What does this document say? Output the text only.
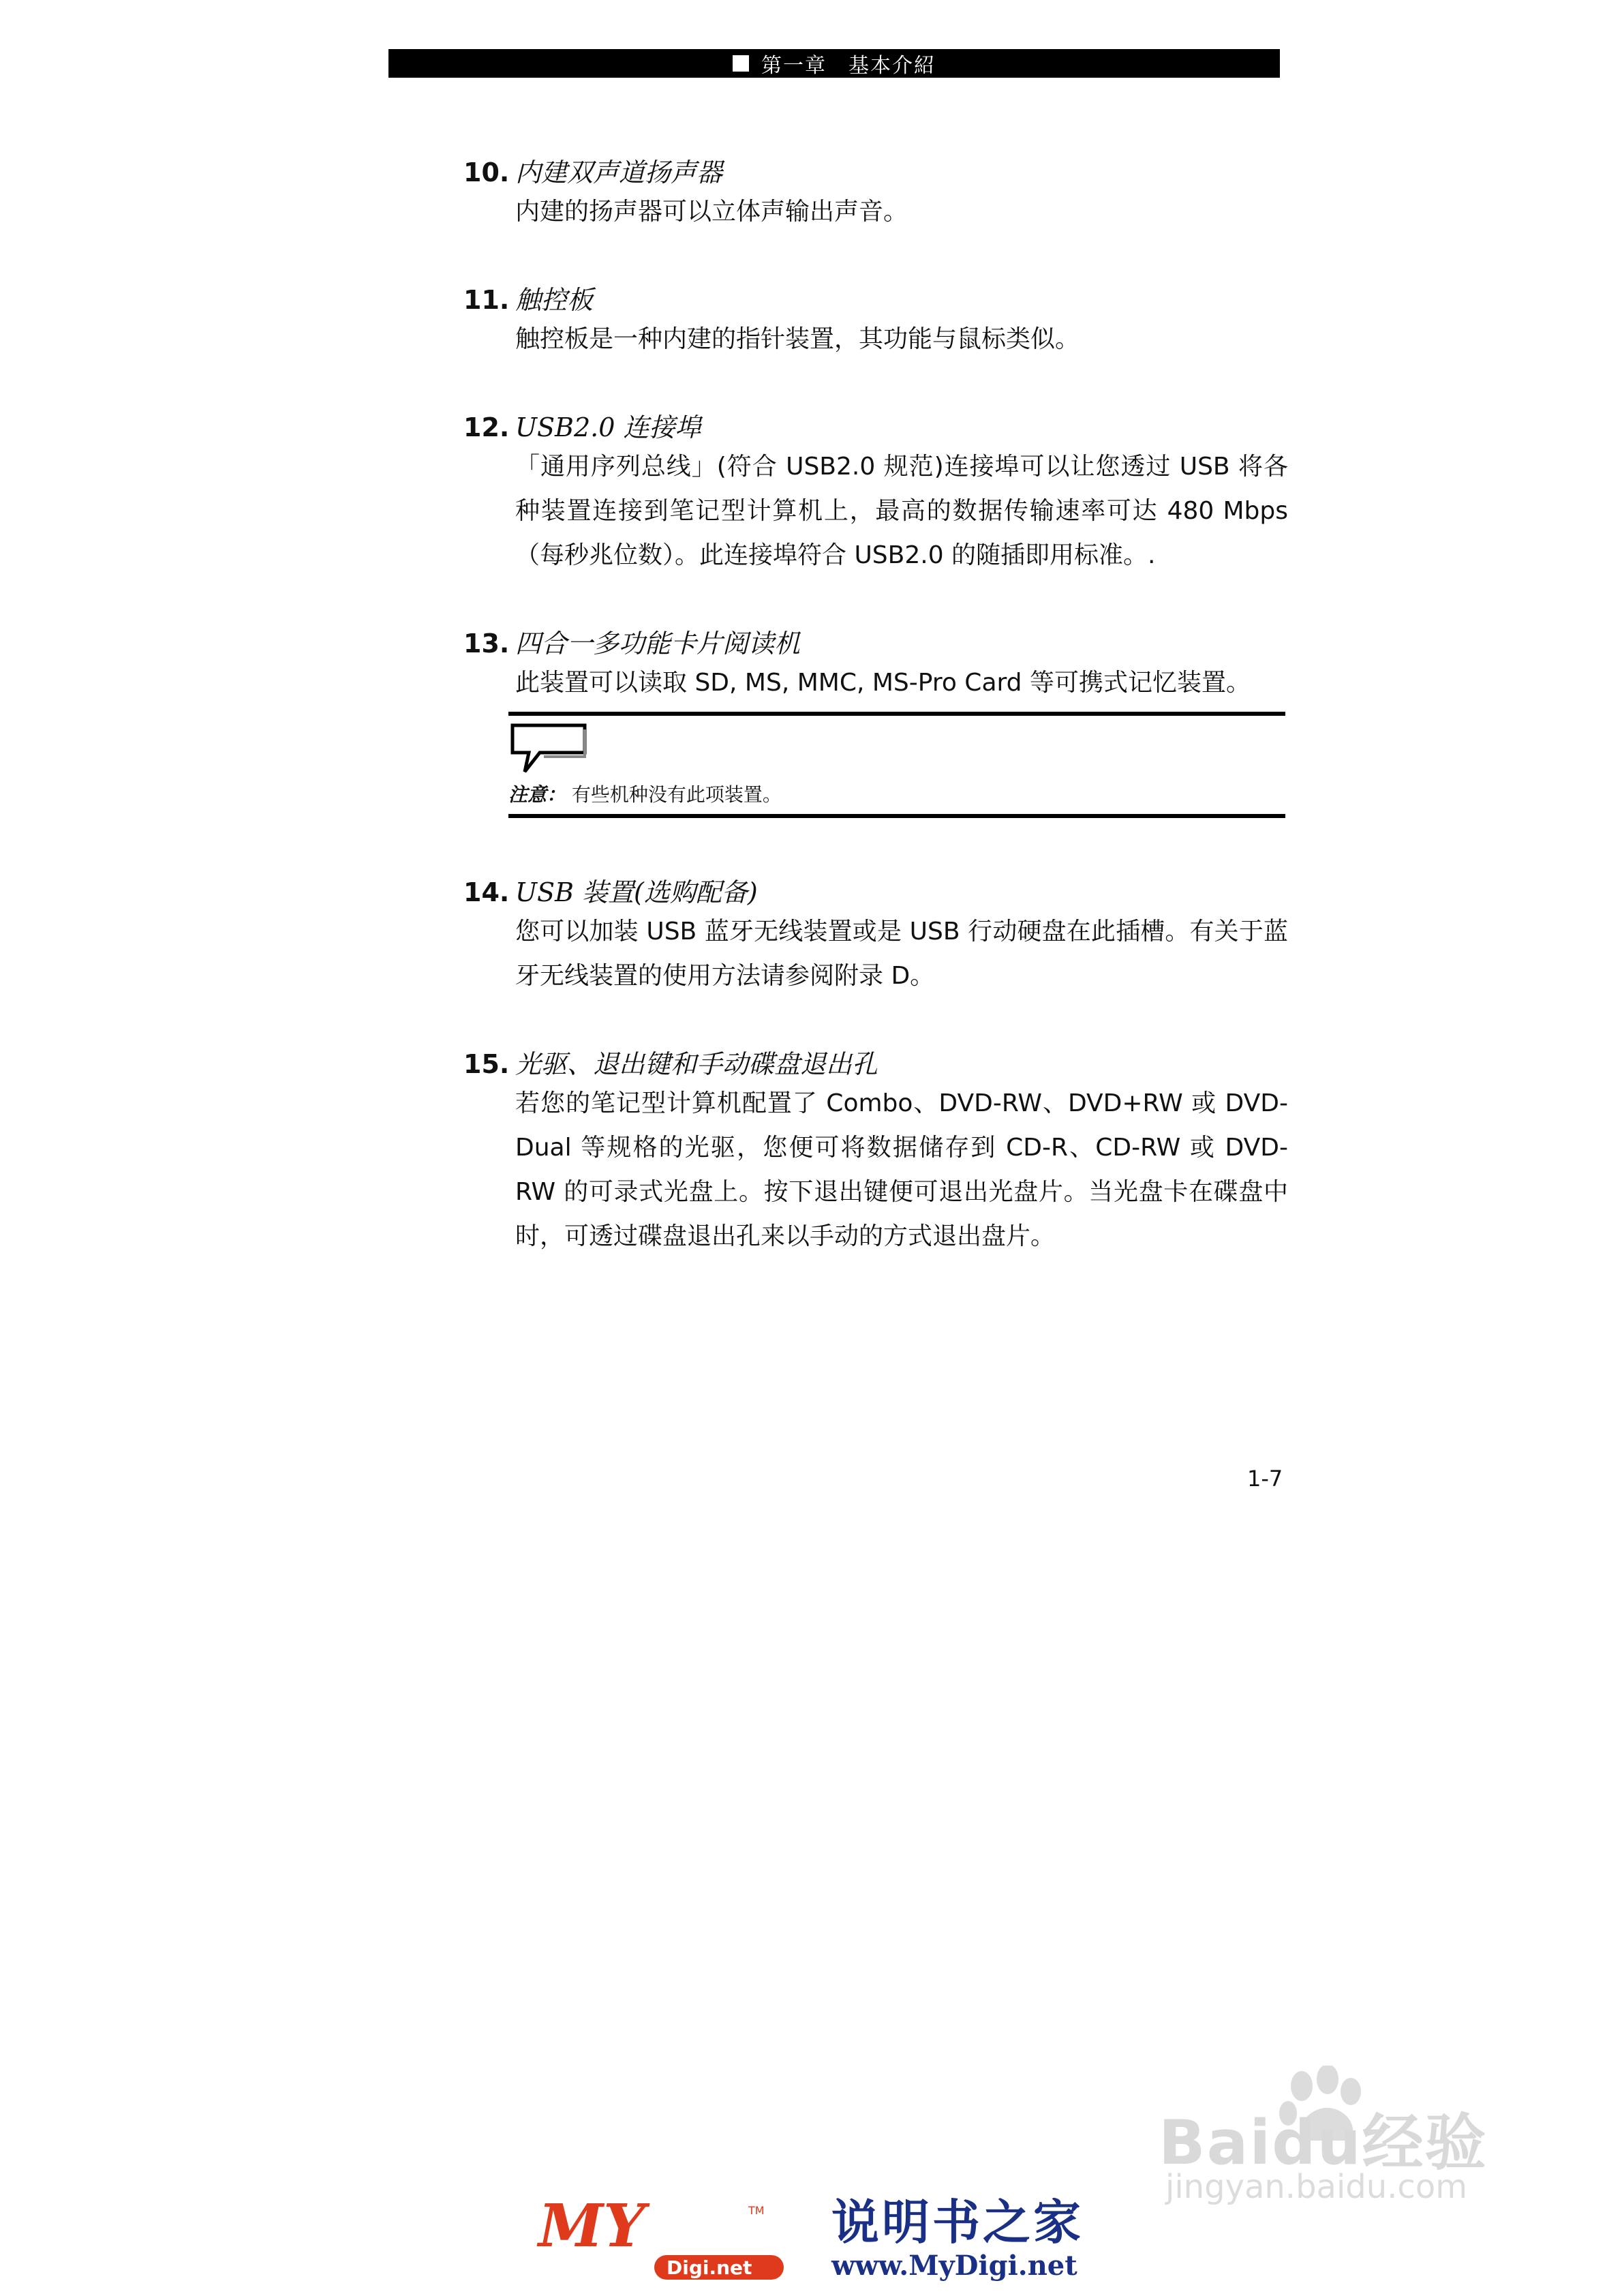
第一章　基本介紹
10. 内建双声道扬声器

内建的扬声器可以立体声输出声音。

11. 触控板

触控板是一种内建的指针装置，其功能与鼠标类似。

12. USB2.0 连接埠

「通用序列总线」(符合 USB2.0 规范)连接埠可以让您透过 USB 将各种装置连接到笔记型计算机上，最高的数据传输速率可达 480 Mbps（每秒兆位数）。此连接埠符合 USB2.0 的随插即用标准。.

13. 四合一多功能卡片阅读机

此装置可以读取 SD, MS, MMC, MS-Pro Card 等可携式记忆装置。

注意： 有些机种没有此项装置。
14. USB 装置(选购配备)

您可以加装 USB 蓝牙无线装置或是 USB 行动硬盘在此插槽。有关于蓝牙无线装置的使用方法请参阅附录 D。

15. 光驱、退出键和手动碟盘退出孔

若您的笔记型计算机配置了 Combo、DVD-RW、DVD+RW 或 DVD-Dual 等规格的光驱，您便可将数据储存到 CD-R、CD-RW 或 DVD-RW 的可录式光盘上。按下退出键便可退出光盘片。当光盘卡在碟盘中时，可透过碟盘退出孔来以手动的方式退出盘片。

1-7
Baidu经验
jingyan.baidu.com
MY	TM
Digi.net
说明书之家
www.MyDigi.net
